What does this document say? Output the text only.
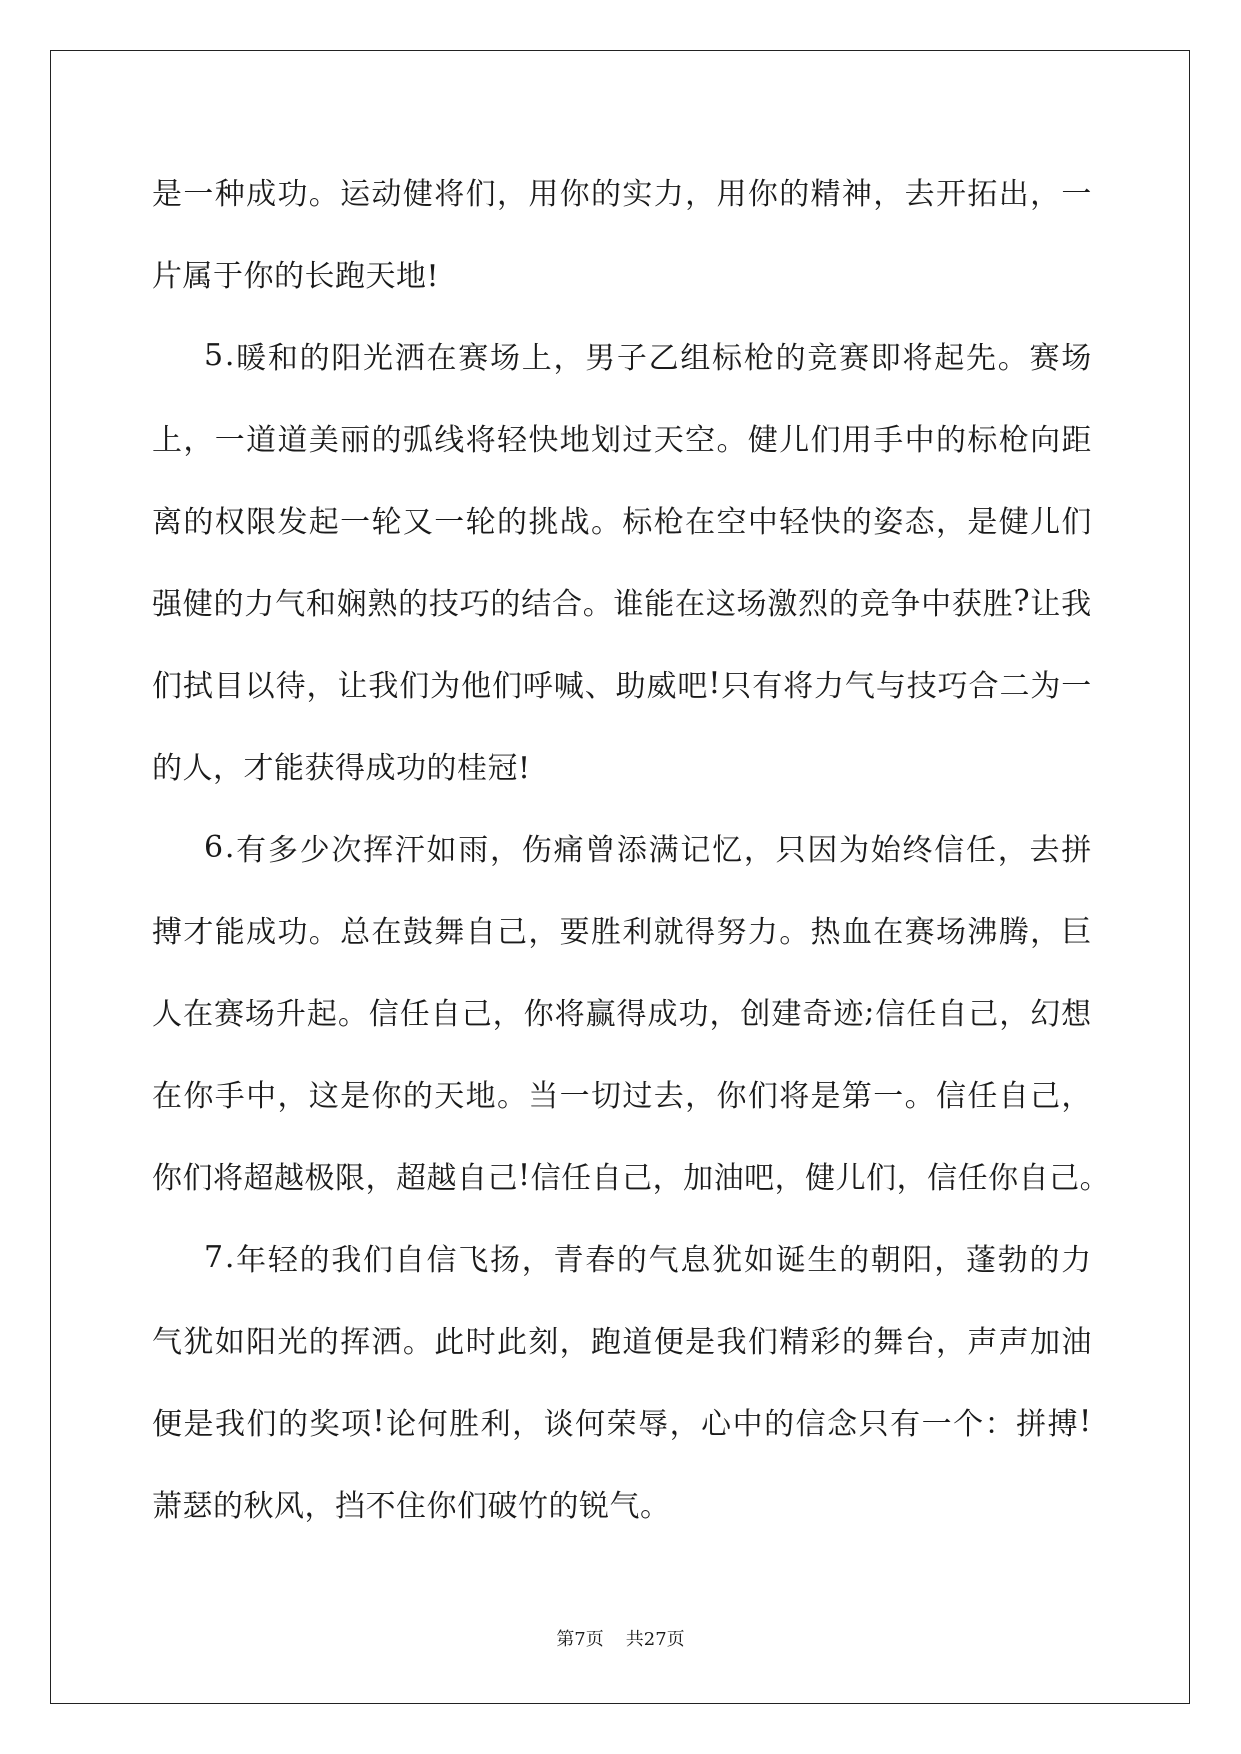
是 一 种 成 功 。 运 动 健 将 们 ， 用 你 的 实 力 ， 用 你 的 精 神 ， 去 开 拓 出 ， 一
片属于你的长跑天地!
5 . 暖 和 的 阳 光 洒 在 赛 场 上 ， 男 子 乙 组 标 枪 的 竞 赛 即 将 起 先 。 赛 场
上 ， 一 道 道 美 丽 的 弧 线 将 轻 快 地 划 过 天 空 。 健 儿 们 用 手 中 的 标 枪 向 距
离 的 权 限 发 起 一 轮 又 一 轮 的 挑 战 。 标 枪 在 空 中 轻 快 的 姿 态 ， 是 健 儿 们
强 健 的 力 气 和 娴 熟 的 技 巧 的 结 合 。 谁 能 在 这 场 激 烈 的 竞 争 中 获 胜 ? 让 我
们 拭 目 以 待 ， 让 我 们 为 他 们 呼 喊 、 助 威 吧 ! 只 有 将 力 气 与 技 巧 合 二 为 一
的人，才能获得成功的桂冠!
6 . 有 多 少 次 挥 汗 如 雨 ， 伤 痛 曾 添 满 记 忆 ， 只 因 为 始 终 信 任 ， 去 拼
搏 才 能 成 功 。 总 在 鼓 舞 自 己 ， 要 胜 利 就 得 努 力 。 热 血 在 赛 场 沸 腾 ， 巨
人 在 赛 场 升 起 。 信 任 自 己 ， 你 将 赢 得 成 功 ， 创 建 奇 迹 ; 信 任 自 己 ， 幻 想
在 你 手 中 ， 这 是 你 的 天 地 。 当 一 切 过 去 ， 你 们 将 是 第 一 。 信 任 自 己 ，
你 们 将 超 越 极 限 ， 超 越 自 己 ! 信 任 自 己 ， 加 油 吧 ， 健 儿 们 ， 信 任 你 自 己 。
7 . 年 轻 的 我 们 自 信 飞 扬 ， 青 春 的 气 息 犹 如 诞 生 的 朝 阳 ， 蓬 勃 的 力
气 犹 如 阳 光 的 挥 洒 。 此 时 此 刻 ， 跑 道 便 是 我 们 精 彩 的 舞 台 ， 声 声 加 油
便 是 我 们 的 奖 项 ! 论 何 胜 利 ， 谈 何 荣 辱 ， 心 中 的 信 念 只 有 一 个 ： 拼 搏 !
萧瑟的秋风，挡不住你们破竹的锐气。
第7页 共27页
